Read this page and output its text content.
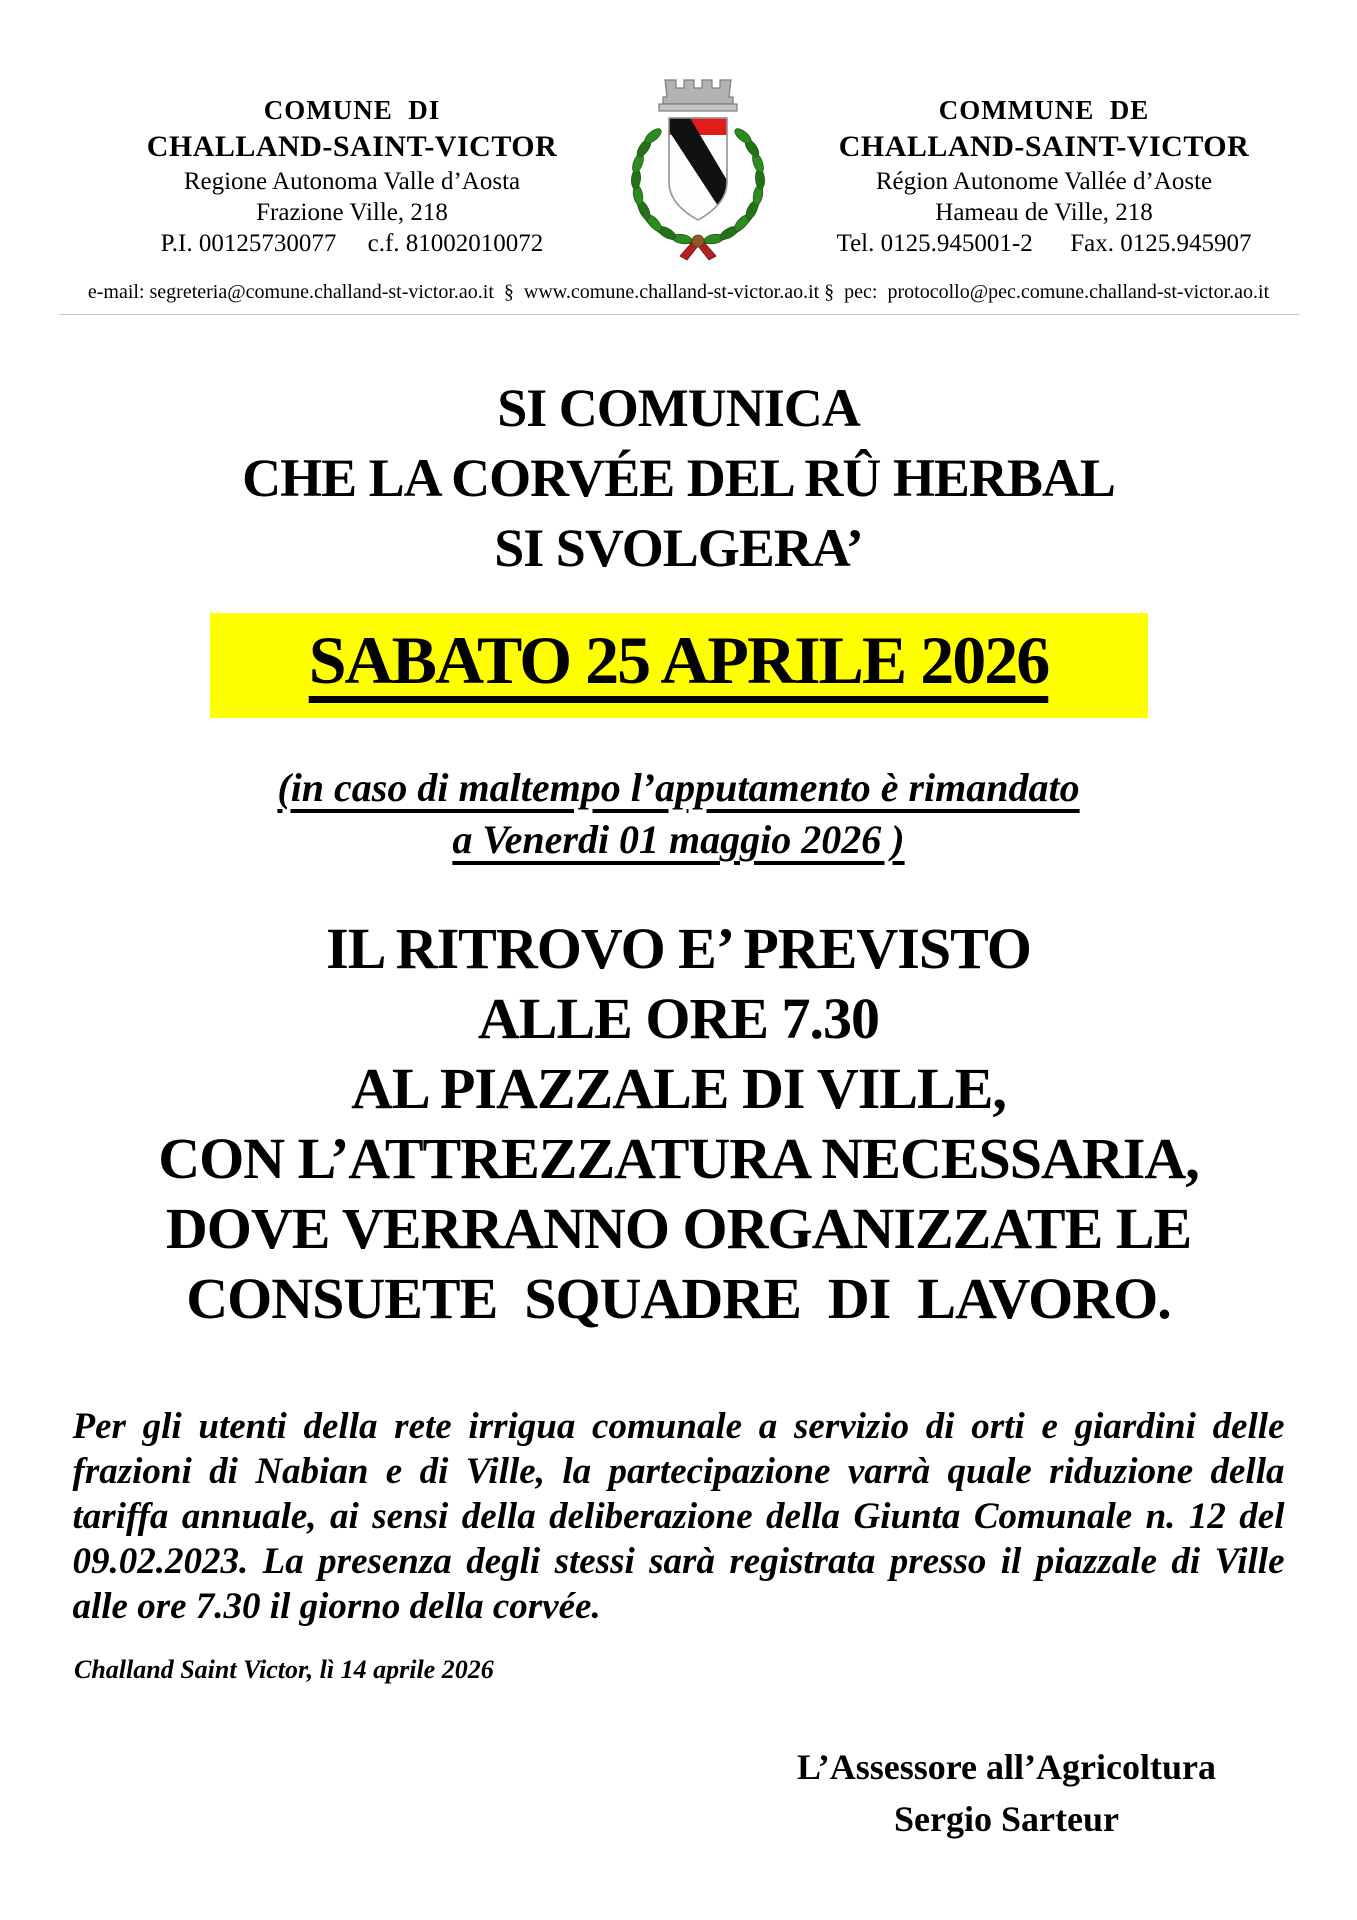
COMUNE  DI
CHALLAND-SAINT-VICTOR
Regione Autonoma Valle d’Aosta
Frazione Ville, 218
P.I. 00125730077     c.f. 81002010072
COMMUNE  DE
CHALLAND-SAINT-VICTOR
Région Autonome Vallée d’Aoste
Hameau de Ville, 218
Tel. 0125.945001-2      Fax. 0125.945907
e-mail: segreteria@comune.challand-st-victor.ao.it  §  www.comune.challand-st-victor.ao.it §  pec:  protocollo@pec.comune.challand-st-victor.ao.it
SI COMUNICA
CHE LA CORVÉE DEL RÛ HERBAL
SI SVOLGERA’
SABATO 25 APRILE 2026
(in caso di maltempo l’apputamento è rimandato
a Venerdi 01 maggio 2026 )
IL RITROVO E’ PREVISTO
ALLE ORE 7.30
AL PIAZZALE DI VILLE,
CON L’ATTREZZATURA NECESSARIA,
DOVE VERRANNO ORGANIZZATE LE
CONSUETE  SQUADRE  DI  LAVORO.
Per gli utenti della rete irrigua comunale a servizio di orti e giardini delle frazioni di Nabian e di Ville, la partecipazione varrà quale riduzione della tariffa annuale, ai sensi della deliberazione della Giunta Comunale n. 12 del 09.02.2023. La presenza degli stessi sarà registrata presso il piazzale di Ville alle ore 7.30 il giorno della corvée.
Challand Saint Victor, lì 14 aprile 2026
L’Assessore all’Agricoltura
Sergio Sarteur
